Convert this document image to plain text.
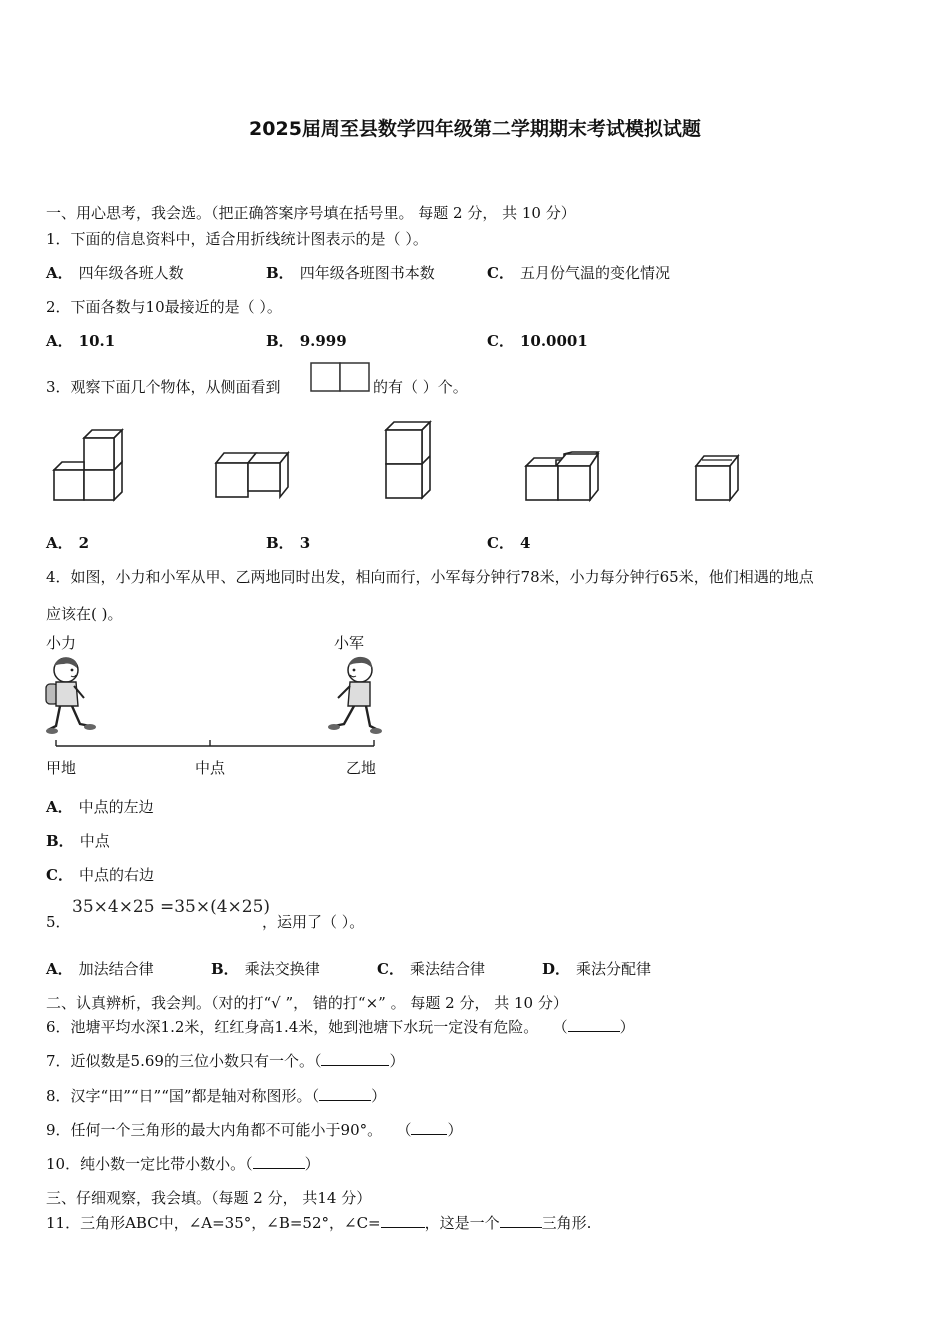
2025届周至县数学四年级第二学期期末考试模拟试题
一、用心思考，我会选。（把正确答案序号填在括号里。 每题 2 分， 共 10 分）
1．下面的信息资料中，适合用折线统计图表示的是（ ）。
A． 四年级各班人数	B． 四年级各班图书本数	C． 五月份气温的变化情况
2．下面各数与10最接近的是（ ）。
A． 10.1	B． 9.999	C． 10.0001
3．观察下面几个物体，从侧面看到	的有（ ）个。
A． 2	B． 3	C． 4
4．如图，小力和小军从甲、乙两地同时出发，相向而行，小军每分钟行78米，小力每分钟行65米，他们相遇的地点
应该在( )。
小力	小军
甲地	中点	乙地
A． 中点的左边
B． 中点
C． 中点的右边
5．
35×4×25 =35×(4×25)
，运用了（ ）。
A． 加法结合律	B． 乘法交换律	C． 乘法结合律	D． 乘法分配律
二、认真辨析，我会判。（对的打“√ ”， 错的打“×” 。 每题 2 分， 共 10 分）
6．池塘平均水深1.2米，红红身高1.4米，她到池塘下水玩一定没有危险。 （	）
7．近似数是5.69的三位小数只有一个。（	）
8．汉字“田”“日”“国”都是轴对称图形。（	）
9．任何一个三角形的最大内角都不可能小于90°。 （ ）
10．纯小数一定比带小数小。（	）
三、仔细观察，我会填。（每题 2 分， 共14 分）
11．三角形ABC中，∠A=35°，∠B=52°，∠C=	，这是一个	三角形.
